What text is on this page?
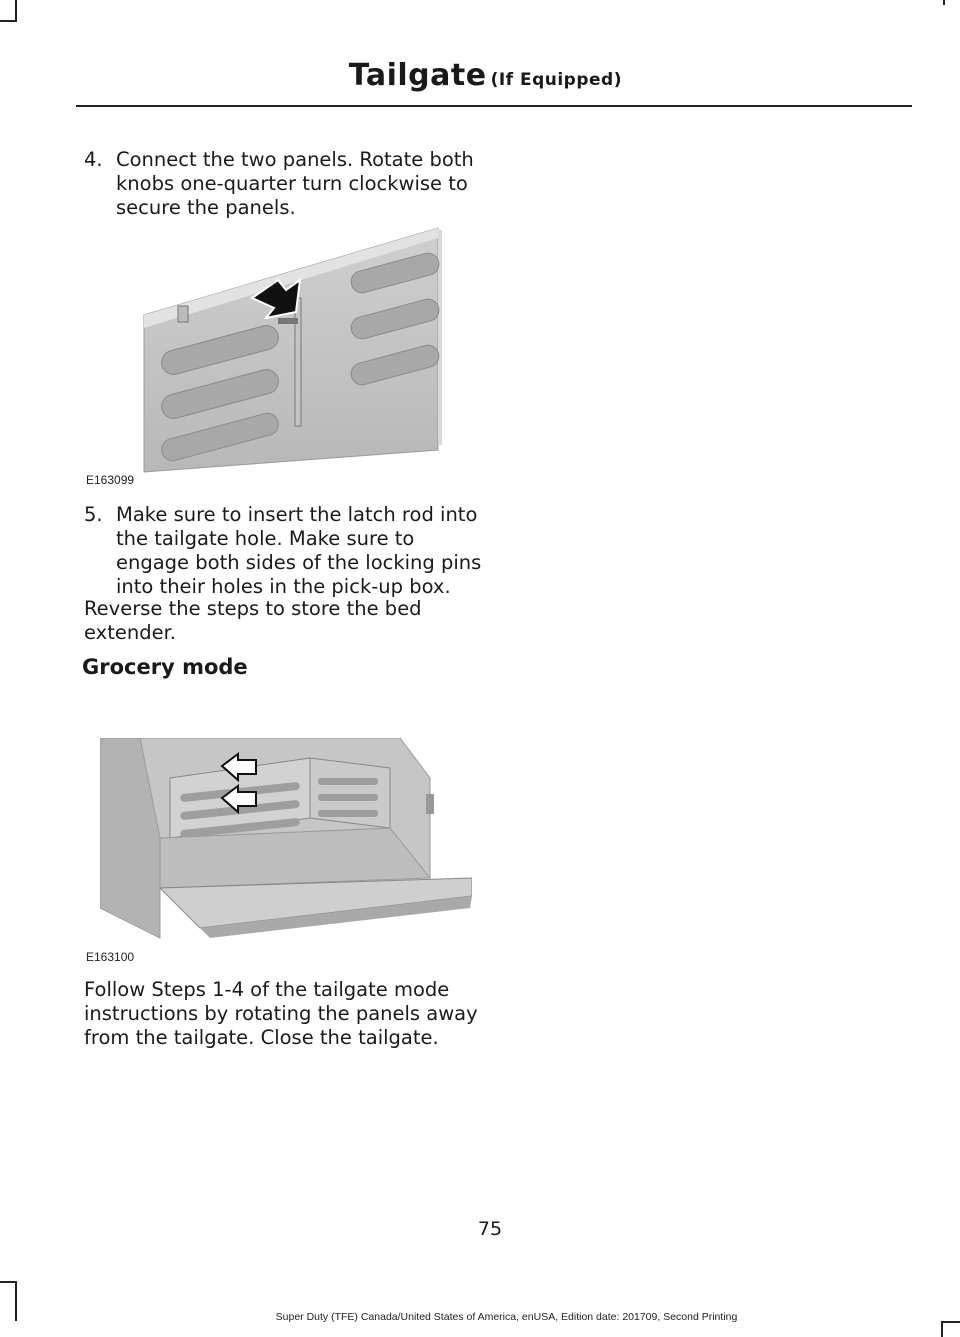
Tailgate (If Equipped)
4. Connect the two panels. Rotate both knobs one-quarter turn clockwise to secure the panels.
E163099
5. Make sure to insert the latch rod into the tailgate hole. Make sure to engage both sides of the locking pins into their holes in the pick-up box.
Reverse the steps to store the bed extender.
Grocery mode
E163100
Follow Steps 1-4 of the tailgate mode instructions by rotating the panels away from the tailgate. Close the tailgate.
75
Super Duty (TFE) Canada/United States of America, enUSA, Edition date: 201709, Second Printing
